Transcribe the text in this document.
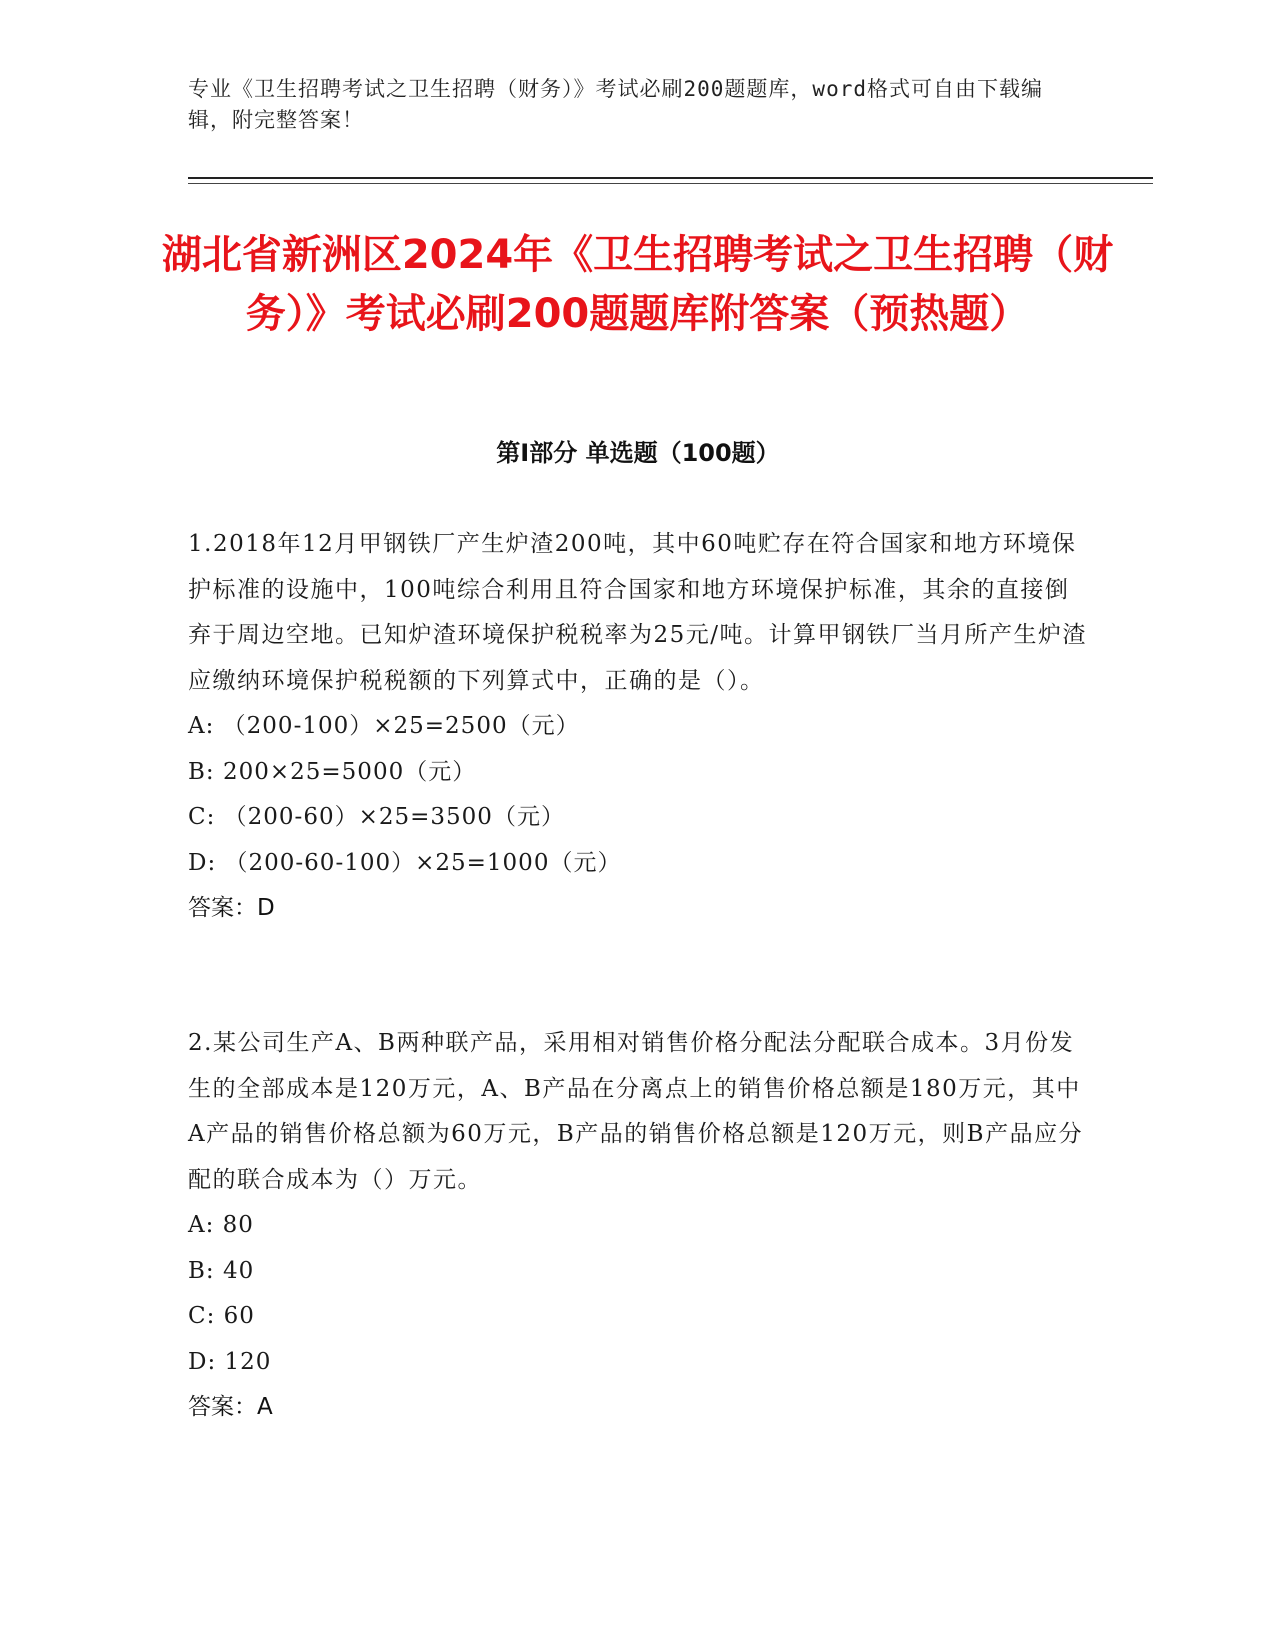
专业《卫生招聘考试之卫生招聘（财务）》考试必刷200题题库，word格式可自由下载编辑，附完整答案！
湖北省新洲区2024年《卫生招聘考试之卫生招聘（财务）》考试必刷200题题库附答案（预热题）
第I部分 单选题（100题）

1.2018年12月甲钢铁厂产生炉渣200吨，其中60吨贮存在符合国家和地方环境保护标准的设施中，100吨综合利用且符合国家和地方环境保护标准，其余的直接倒弃于周边空地。已知炉渣环境保护税税率为25元/吨。计算甲钢铁厂当月所产生炉渣应缴纳环境保护税税额的下列算式中，正确的是（）。

A: （200-100）×25=2500（元）

B: 200×25=5000（元）

C: （200-60）×25=3500（元）

D: （200-60-100）×25=1000（元）

答案：D

2.某公司生产A、B两种联产品，采用相对销售价格分配法分配联合成本。3月份发生的全部成本是120万元，A、B产品在分离点上的销售价格总额是180万元，其中A产品的销售价格总额为60万元，B产品的销售价格总额是120万元，则B产品应分配的联合成本为（）万元。

A: 80

B: 40

C: 60

D: 120

答案：A
